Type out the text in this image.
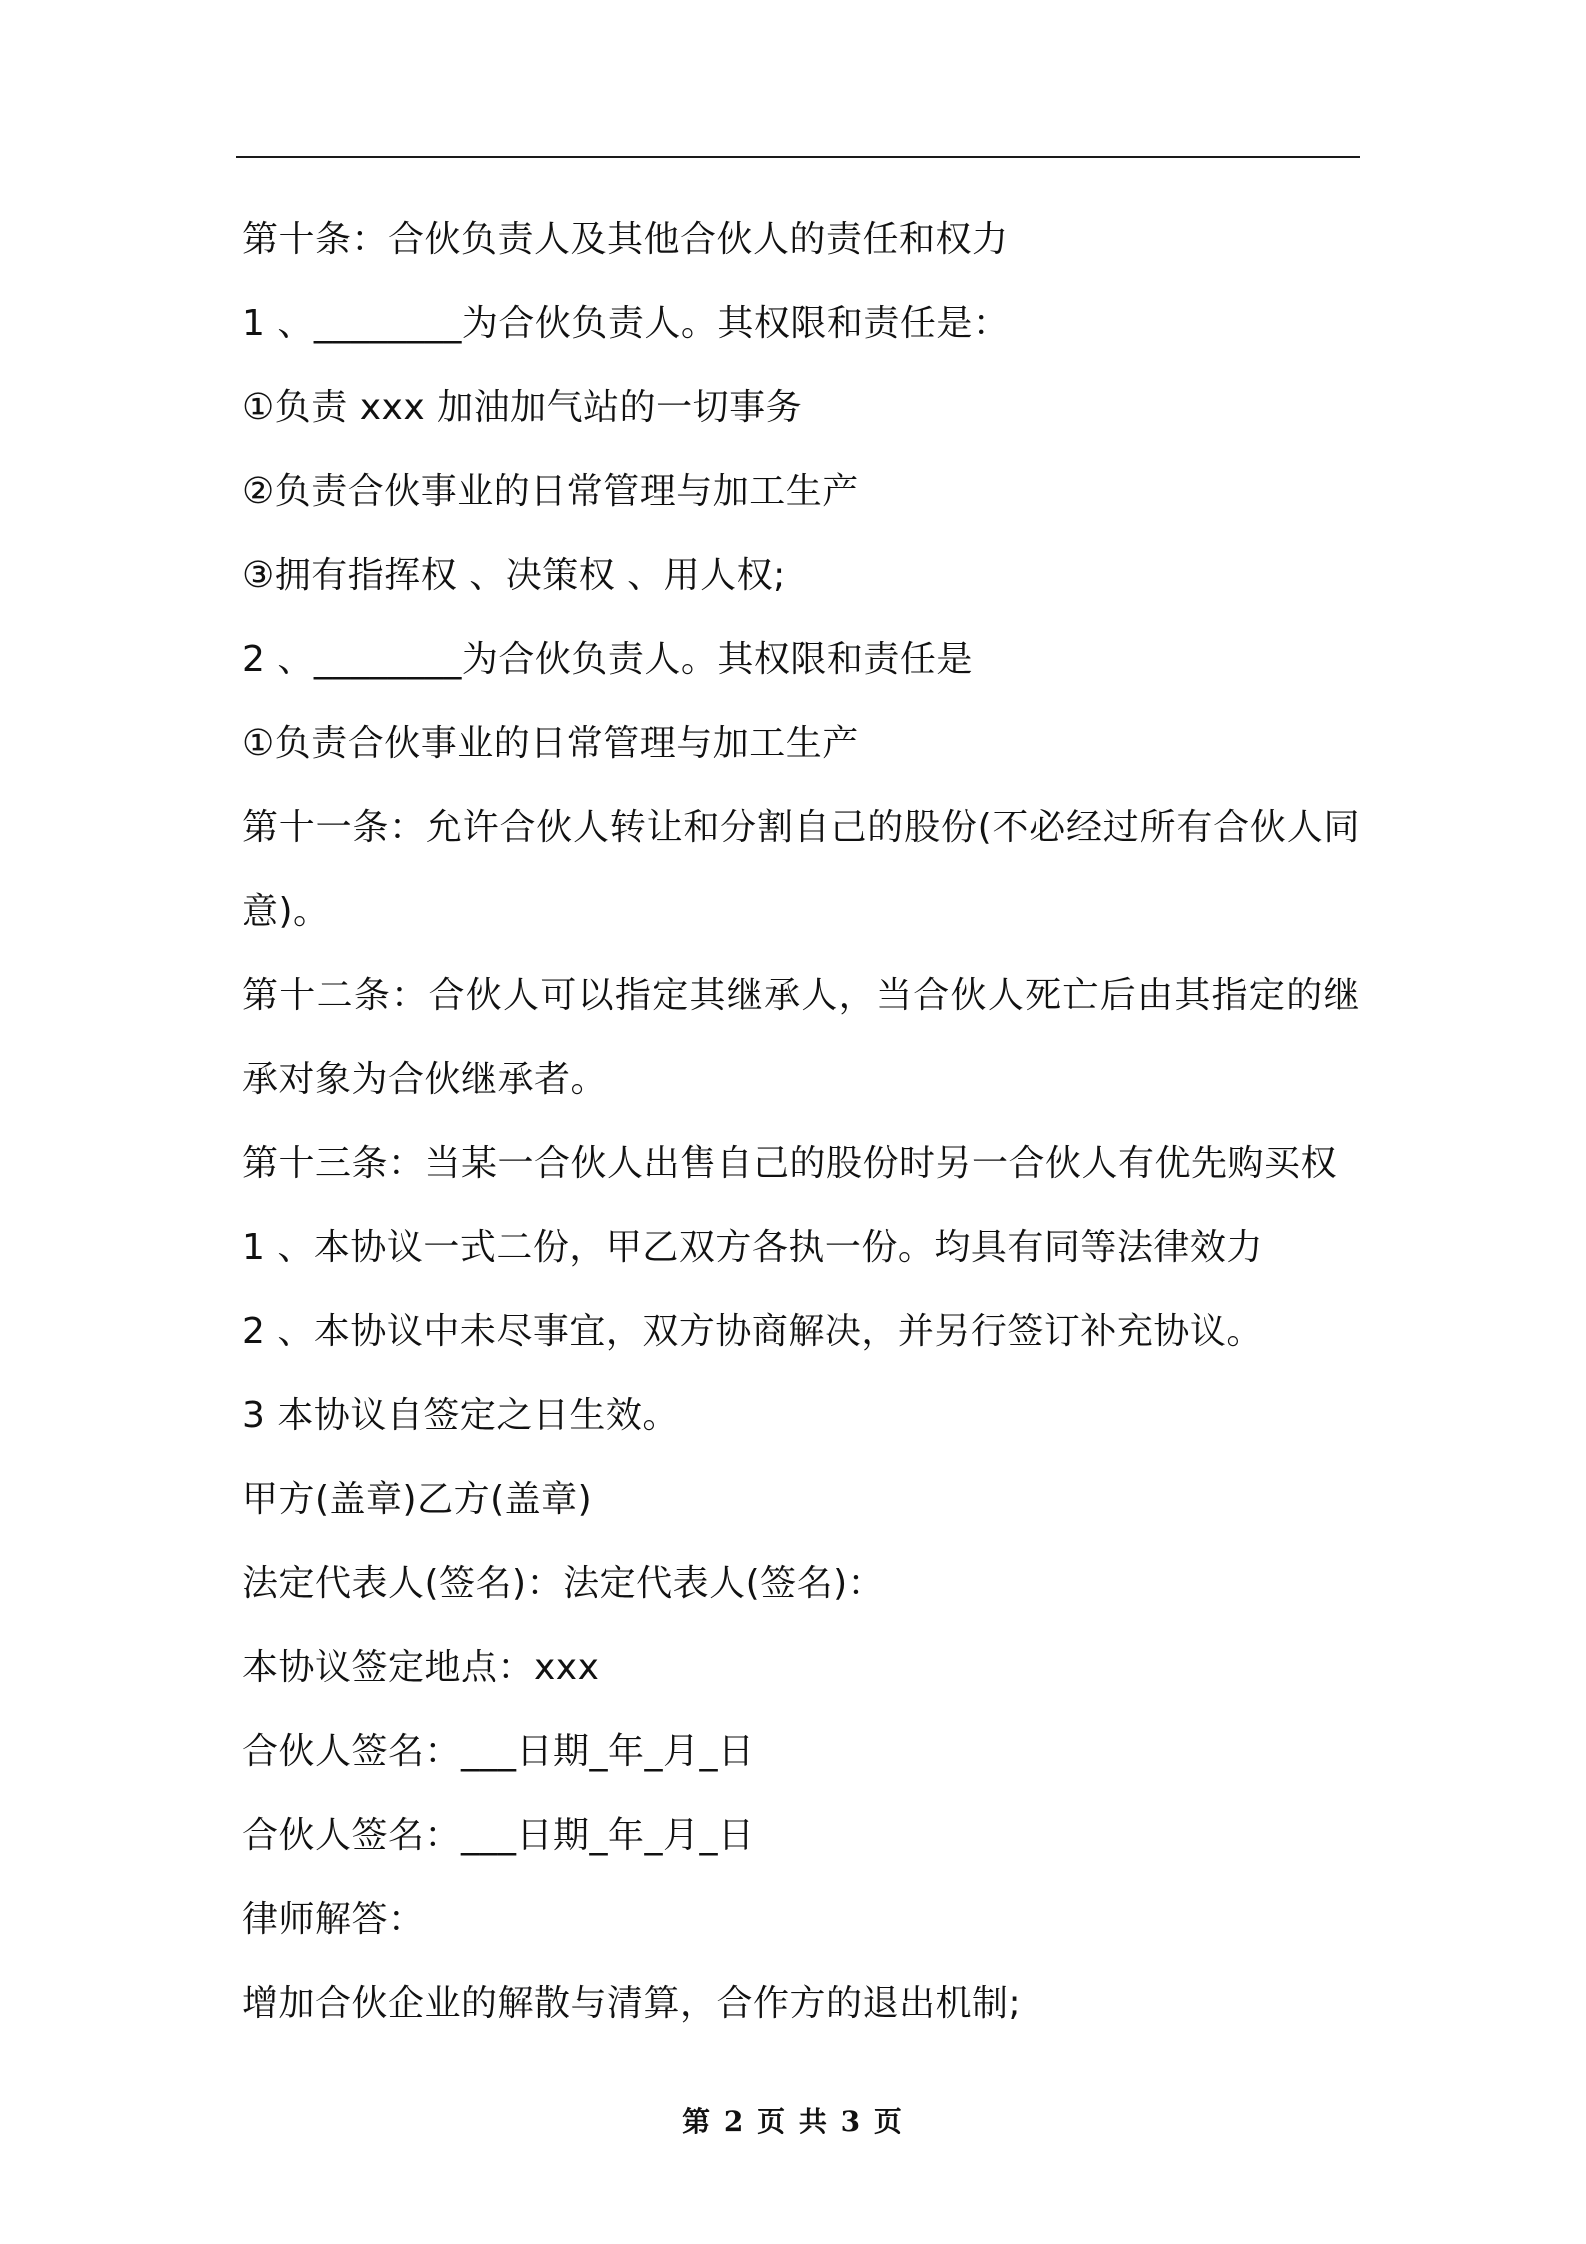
第十条：合伙负责人及其他合伙人的责任和权力

1 、________为合伙负责人。其权限和责任是：

①负责 xxx 加油加气站的一切事务

②负责合伙事业的日常管理与加工生产

③拥有指挥权 、决策权 、用人权;

2 、________为合伙负责人。其权限和责任是

①负责合伙事业的日常管理与加工生产

第十一条：允许合伙人转让和分割自己的股份(不必经过所有合伙人同意)。

第十二条：合伙人可以指定其继承人，当合伙人死亡后由其指定的继承对象为合伙继承者。

第十三条：当某一合伙人出售自己的股份时另一合伙人有优先购买权

1 、本协议一式二份，甲乙双方各执一份。均具有同等法律效力

2 、本协议中未尽事宜，双方协商解决，并另行签订补充协议。

3 本协议自签定之日生效。

甲方(盖章)乙方(盖章)

法定代表人(签名)：法定代表人(签名)：

本协议签定地点：xxx

合伙人签名：___日期_年_月_日

合伙人签名：___日期_年_月_日

律师解答：

增加合伙企业的解散与清算，合作方的退出机制;

第 2 页 共 3 页
